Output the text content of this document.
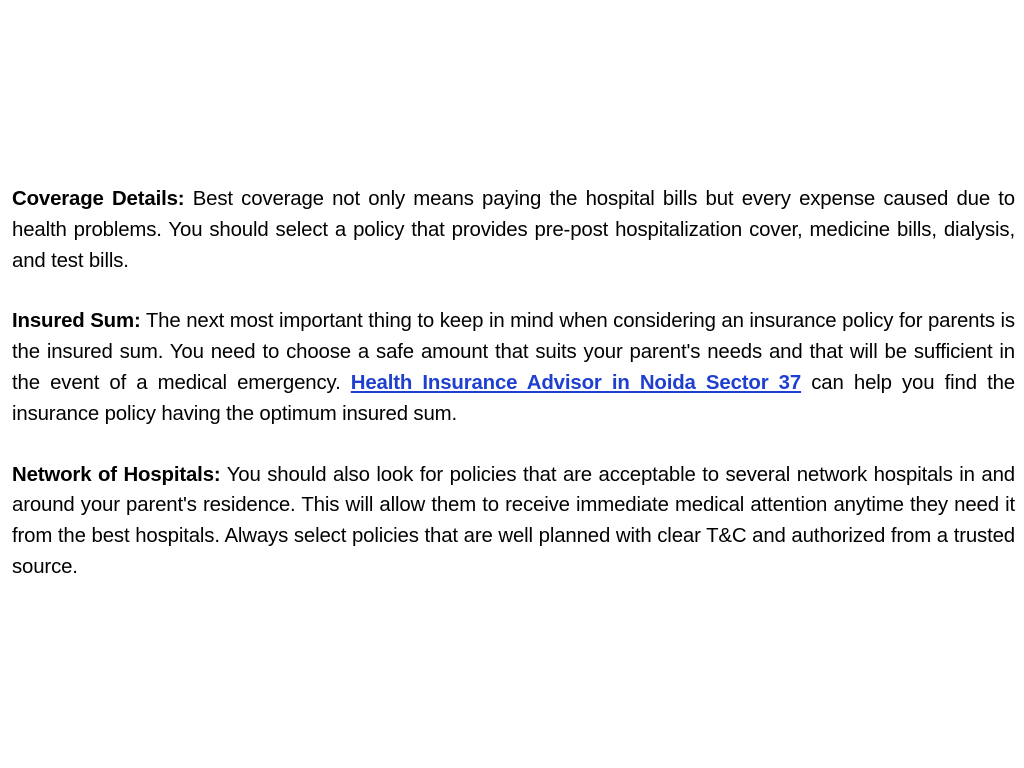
Coverage Details: Best coverage not only means paying the hospital bills but every expense caused due to health problems. You should select a policy that provides pre-post hospitalization cover, medicine bills, dialysis, and test bills.

Insured Sum: The next most important thing to keep in mind when considering an insurance policy for parents is the insured sum. You need to choose a safe amount that suits your parent's needs and that will be sufficient in the event of a medical emergency. Health Insurance Advisor in Noida Sector 37 can help you find the insurance policy having the optimum insured sum.

Network of Hospitals: You should also look for policies that are acceptable to several network hospitals in and around your parent's residence. This will allow them to receive immediate medical attention anytime they need it from the best hospitals. Always select policies that are well planned with clear T&C and authorized from a trusted source.
